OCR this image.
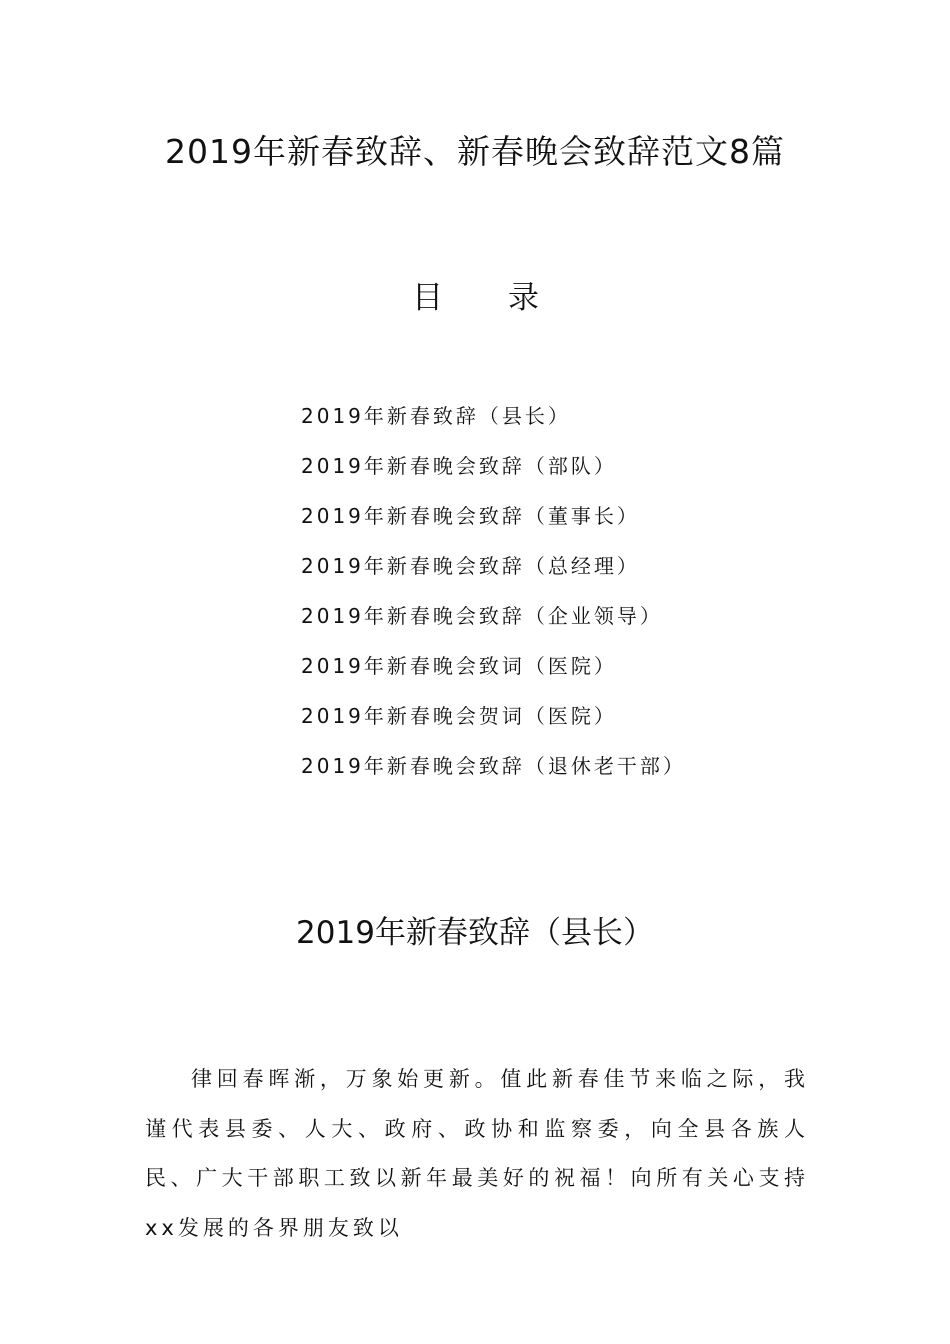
2019年新春致辞、新春晚会致辞范文8篇
目 录
2019年新春致辞（县长）
2019年新春晚会致辞（部队）
2019年新春晚会致辞（董事长）
2019年新春晚会致辞（总经理）
2019年新春晚会致辞（企业领导）
2019年新春晚会致词（医院）
2019年新春晚会贺词（医院）
2019年新春晚会致辞（退休老干部）
2019年新春致辞（县长）

律回春晖渐，万象始更新。值此新春佳节来临之际，我谨代表县委、人大、政府、政协和监察委，向全县各族人民、广大干部职工致以新年最美好的祝福！向所有关心支持xx发展的各界朋友致以
